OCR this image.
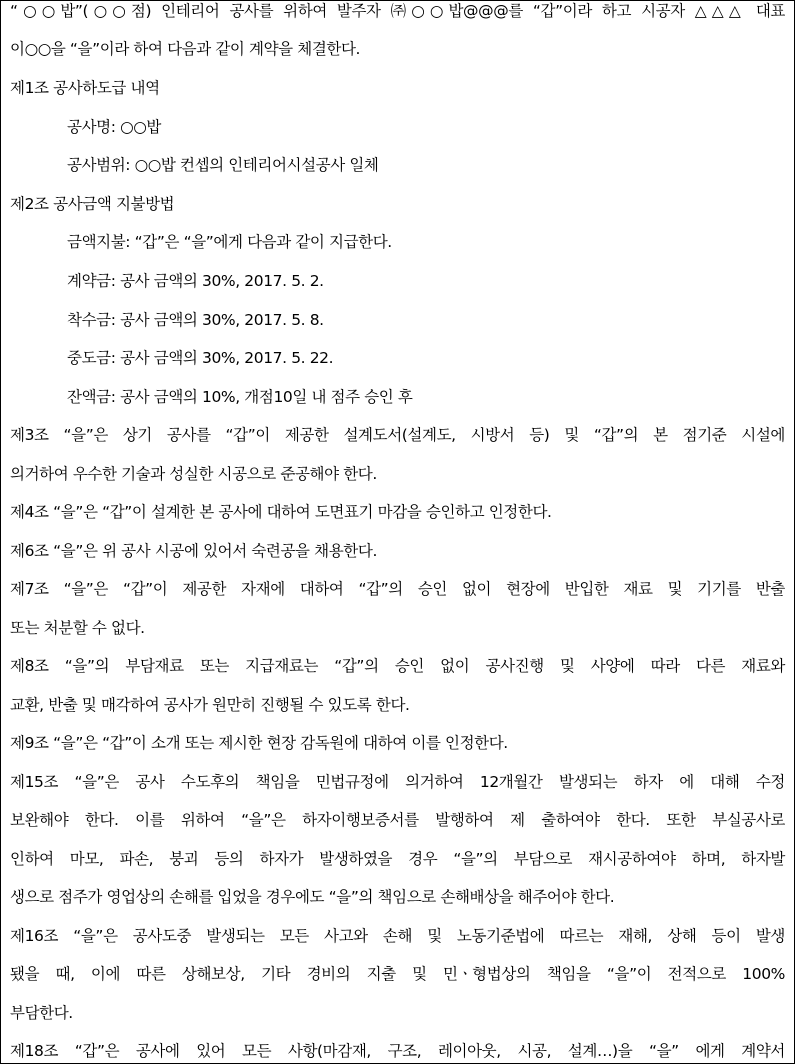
“○○밥”(○○점) 인테리어 공사를 위하여 발주자 ㈜○○밥@@@를 “갑”이라 하고 시공자 △△△ 대표
이○○을 “을”이라 하여 다음과 같이 계약을 체결한다.
제1조 공사하도급 내역
공사명: ○○밥
공사범위: ○○밥 컨셉의 인테리어시설공사 일체
제2조 공사금액 지불방법
금액지불: “갑”은 “을”에게 다음과 같이 지급한다.
계약금: 공사 금액의 30%, 2017. 5. 2.
착수금: 공사 금액의 30%, 2017. 5. 8.
중도금: 공사 금액의 30%, 2017. 5. 22.
잔액금: 공사 금액의 10%, 개점10일 내 점주 승인 후
제3조 “을”은 상기 공사를 “갑”이 제공한 설계도서(설계도, 시방서 등) 및 “갑”의 본 점기준 시설에
의거하여 우수한 기술과 성실한 시공으로 준공해야 한다.
제4조 “을”은 “갑”이 설계한 본 공사에 대하여 도면표기 마감을 승인하고 인정한다.
제6조 “을”은 위 공사 시공에 있어서 숙련공을 채용한다.
제7조 “을”은 “갑”이 제공한 자재에 대하여 “갑”의 승인 없이 현장에 반입한 재료 및 기기를 반출
또는 처분할 수 없다.
제8조 “을”의 부담재료 또는 지급재료는 “갑”의 승인 없이 공사진행 및 사양에 따라 다른 재료와
교환, 반출 및 매각하여 공사가 원만히 진행될 수 있도록 한다.
제9조 “을”은 “갑”이 소개 또는 제시한 현장 감독원에 대하여 이를 인정한다.
제15조 “을”은 공사 수도후의 책임을 민법규정에 의거하여 12개월간 발생되는 하자 에 대해 수정
보완해야 한다. 이를 위하여 “을”은 하자이행보증서를 발행하여 제 출하여야 한다. 또한 부실공사로
인하여 마모, 파손, 붕괴 등의 하자가 발생하였을 경우 “을”의 부담으로 재시공하여야 하며, 하자발
생으로 점주가 영업상의 손해를 입었을 경우에도 “을”의 책임으로 손해배상을 해주어야 한다.
제16조 “을”은 공사도중 발생되는 모든 사고와 손해 및 노동기준법에 따르는 재해, 상해 등이 발생
됐을 때, 이에 따른 상해보상, 기타 경비의 지출 및 민ㆍ형법상의 책임을 “을”이 전적으로 100%
부담한다.
제18조 “갑”은 공사에 있어 모든 사항(마감재, 구조, 레이아웃, 시공, 설계…)을 “을” 에게 계약서
